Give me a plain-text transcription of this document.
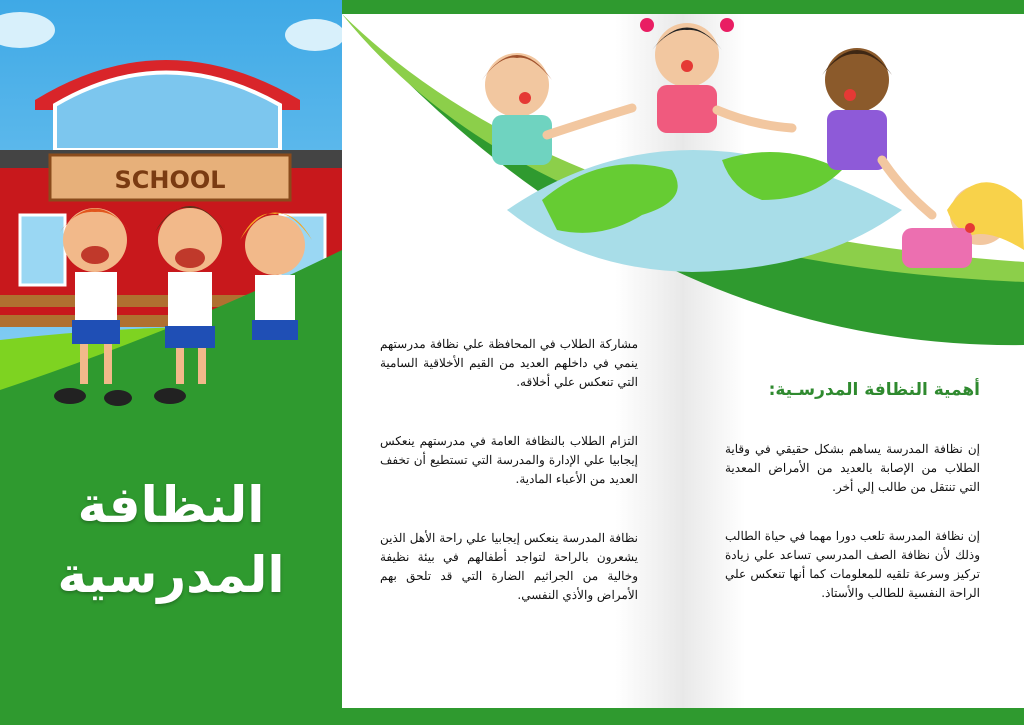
SCHOOL
النظافة
المدرسية

مشاركة الطلاب في المحافظة علي نظافة مدرستهم ينمي في داخلهم العديد من القيم الأخلاقية السامية التي تنعكس علي أخلاقه.

التزام الطلاب بالنظافة العامة في مدرستهم ينعكس إيجابيا علي الإدارة والمدرسة التي تستطيع أن تخفف العديد من الأعباء المادية.

نظافة المدرسة ينعكس إيجابيا علي راحة الأهل الذين يشعرون بالراحة لتواجد أطفالهم في بيئة نظيفة وخالية من الجراثيم الضارة التي قد تلحق بهم الأمراض والأذي النفسي.

أهمية النظافة المدرسـية:

إن نظافة المدرسة يساهم بشكل حقيقي في وقاية الطلاب من الإصابة بالعديد من الأمراض المعدية التي تنتقل من طالب إلي أخر.

إن نظافة المدرسة تلعب دورا مهما في حياة الطالب وذلك لأن نظافة الصف المدرسي تساعد علي زيادة تركيز وسرعة تلقيه للمعلومات كما أنها تنعكس علي الراحة النفسية للطالب والأستاذ.
